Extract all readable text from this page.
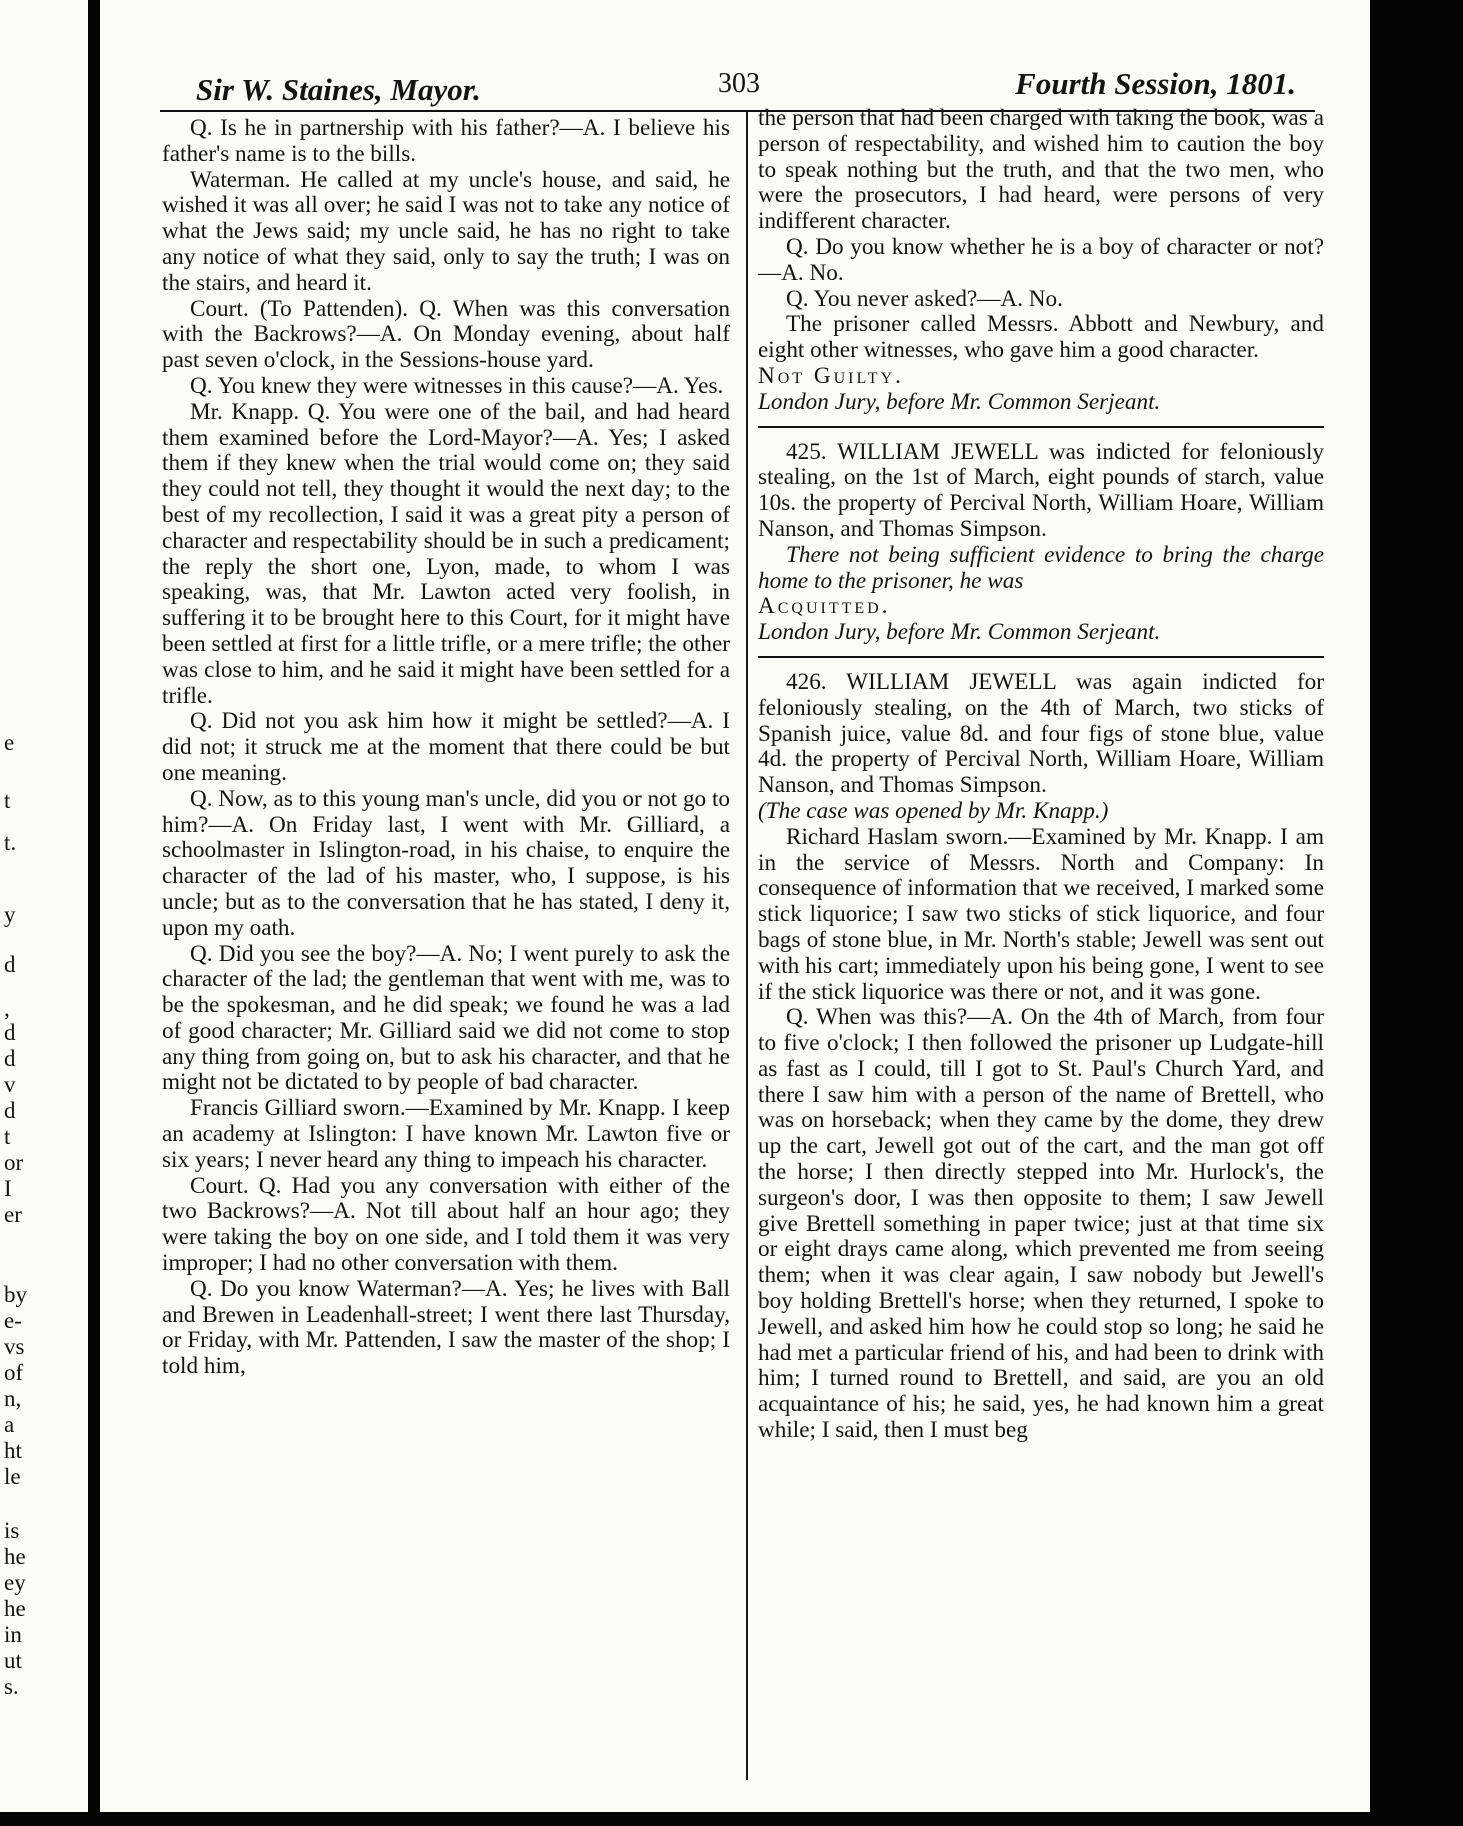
e
t
t.
y
d
,
d
d
v
d
t
or
I
er
by
e-
vs
of
n,
a
ht
le
is
he
ey
he
in
ut
s.
Sir W. Staines, Mayor.	303	Fourth Session, 1801.

Q. Is he in partnership with his father?—A. I believe his father's name is to the bills.

Waterman. He called at my uncle's house, and said, he wished it was all over; he said I was not to take any notice of what the Jews said; my uncle said, he has no right to take any notice of what they said, only to say the truth; I was on the stairs, and heard it.

Court. (To Pattenden). Q. When was this conversation with the Backrows?—A. On Monday evening, about half past seven o'clock, in the Sessions-house yard.

Q. You knew they were witnesses in this cause?—A. Yes.

Mr. Knapp. Q. You were one of the bail, and had heard them examined before the Lord-Mayor?—A. Yes; I asked them if they knew when the trial would come on; they said they could not tell, they thought it would the next day; to the best of my recollection, I said it was a great pity a person of character and respectability should be in such a predicament; the reply the short one, Lyon, made, to whom I was speaking, was, that Mr. Lawton acted very foolish, in suffering it to be brought here to this Court, for it might have been settled at first for a little trifle, or a mere trifle; the other was close to him, and he said it might have been settled for a trifle.

Q. Did not you ask him how it might be settled?—A. I did not; it struck me at the moment that there could be but one meaning.

Q. Now, as to this young man's uncle, did you or not go to him?—A. On Friday last, I went with Mr. Gilliard, a schoolmaster in Islington-road, in his chaise, to enquire the character of the lad of his master, who, I suppose, is his uncle; but as to the conversation that he has stated, I deny it, upon my oath.

Q. Did you see the boy?—A. No; I went purely to ask the character of the lad; the gentleman that went with me, was to be the spokesman, and he did speak; we found he was a lad of good character; Mr. Gilliard said we did not come to stop any thing from going on, but to ask his character, and that he might not be dictated to by people of bad character.

Francis Gilliard sworn.—Examined by Mr. Knapp. I keep an academy at Islington: I have known Mr. Lawton five or six years; I never heard any thing to impeach his character.

Court. Q. Had you any conversation with either of the two Backrows?—A. Not till about half an hour ago; they were taking the boy on one side, and I told them it was very improper; I had no other conversation with them.

Q. Do you know Waterman?—A. Yes; he lives with Ball and Brewen in Leadenhall-street; I went there last Thursday, or Friday, with Mr. Pattenden, I saw the master of the shop; I told him,

the person that had been charged with taking the book, was a person of respectability, and wished him to caution the boy to speak nothing but the truth, and that the two men, who were the prosecutors, I had heard, were persons of very indifferent character.

Q. Do you know whether he is a boy of character or not?—A. No.

Q. You never asked?—A. No.

The prisoner called Messrs. Abbott and Newbury, and eight other witnesses, who gave him a good character.

Not Guilty.

London Jury, before Mr. Common Serjeant.

425. WILLIAM JEWELL was indicted for feloniously stealing, on the 1st of March, eight pounds of starch, value 10s. the property of Percival North, William Hoare, William Nanson, and Thomas Simpson.

There not being sufficient evidence to bring the charge home to the prisoner, he was

Acquitted.

London Jury, before Mr. Common Serjeant.

426. WILLIAM JEWELL was again indicted for feloniously stealing, on the 4th of March, two sticks of Spanish juice, value 8d. and four figs of stone blue, value 4d. the property of Percival North, William Hoare, William Nanson, and Thomas Simpson.

(The case was opened by Mr. Knapp.)

Richard Haslam sworn.—Examined by Mr. Knapp. I am in the service of Messrs. North and Company: In consequence of information that we received, I marked some stick liquorice; I saw two sticks of stick liquorice, and four bags of stone blue, in Mr. North's stable; Jewell was sent out with his cart; immediately upon his being gone, I went to see if the stick liquorice was there or not, and it was gone.

Q. When was this?—A. On the 4th of March, from four to five o'clock; I then followed the prisoner up Ludgate-hill as fast as I could, till I got to St. Paul's Church Yard, and there I saw him with a person of the name of Brettell, who was on horseback; when they came by the dome, they drew up the cart, Jewell got out of the cart, and the man got off the horse; I then directly stepped into Mr. Hurlock's, the surgeon's door, I was then opposite to them; I saw Jewell give Brettell something in paper twice; just at that time six or eight drays came along, which prevented me from seeing them; when it was clear again, I saw nobody but Jewell's boy holding Brettell's horse; when they returned, I spoke to Jewell, and asked him how he could stop so long; he said he had met a particular friend of his, and had been to drink with him; I turned round to Brettell, and said, are you an old acquaintance of his; he said, yes, he had known him a great while; I said, then I must beg
